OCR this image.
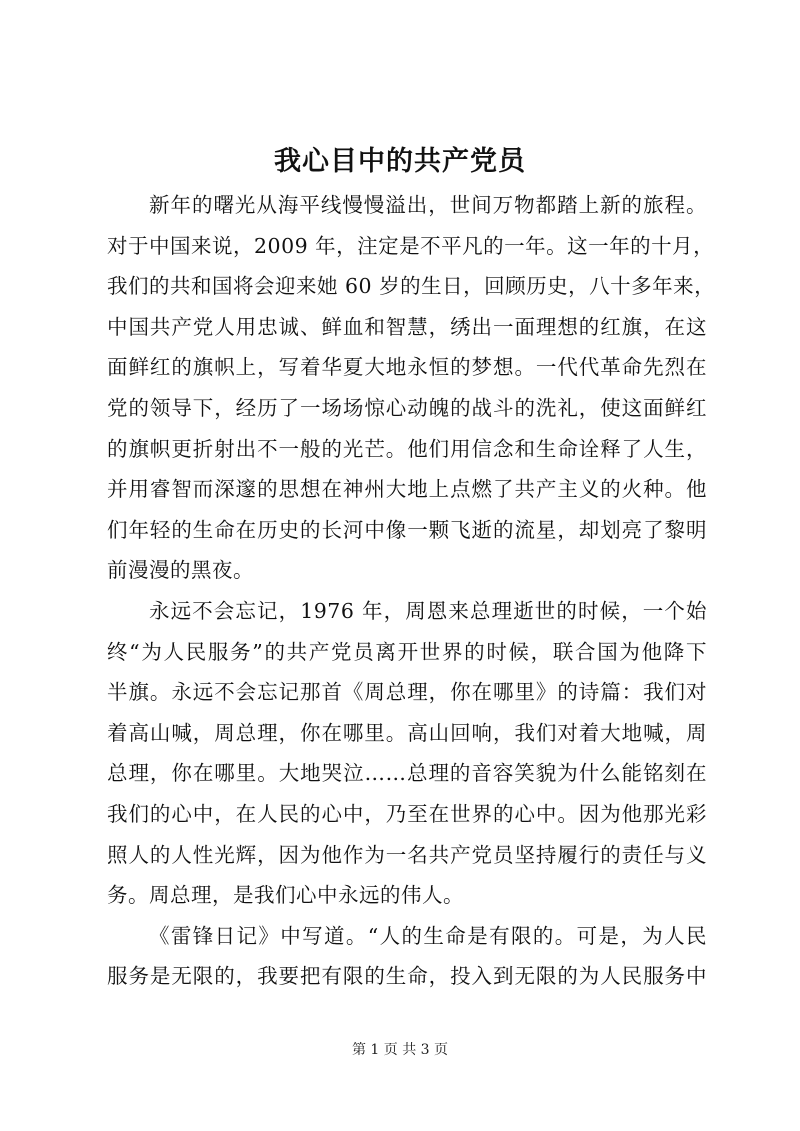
我心目中的共产党员
新年的曙光从海平线慢慢溢出，世间万物都踏上新的旅程。
对于中国来说，2009 年，注定是不平凡的一年。这一年的十月，
我们的共和国将会迎来她 60 岁的生日，回顾历史，八十多年来，
中国共产党人用忠诚、鲜血和智慧，绣出一面理想的红旗，在这
面鲜红的旗帜上，写着华夏大地永恒的梦想。一代代革命先烈在
党的领导下，经历了一场场惊心动魄的战斗的洗礼，使这面鲜红
的旗帜更折射出不一般的光芒。他们用信念和生命诠释了人生，
并用睿智而深邃的思想在神州大地上点燃了共产主义的火种。他
们年轻的生命在历史的长河中像一颗飞逝的流星，却划亮了黎明
前漫漫的黑夜。
永远不会忘记，1976 年，周恩来总理逝世的时候，一个始
终“为人民服务”的共产党员离开世界的时候，联合国为他降下
半旗。永远不会忘记那首《周总理，你在哪里》的诗篇：我们对
着高山喊，周总理，你在哪里。高山回响，我们对着大地喊，周
总理，你在哪里。大地哭泣……总理的音容笑貌为什么能铭刻在
我们的心中，在人民的心中，乃至在世界的心中。因为他那光彩
照人的人性光辉，因为他作为一名共产党员坚持履行的责任与义
务。周总理，是我们心中永远的伟人。
《雷锋日记》中写道。“人的生命是有限的。可是，为人民
服务是无限的，我要把有限的生命，投入到无限的为人民服务中
第 1 页 共 3 页
